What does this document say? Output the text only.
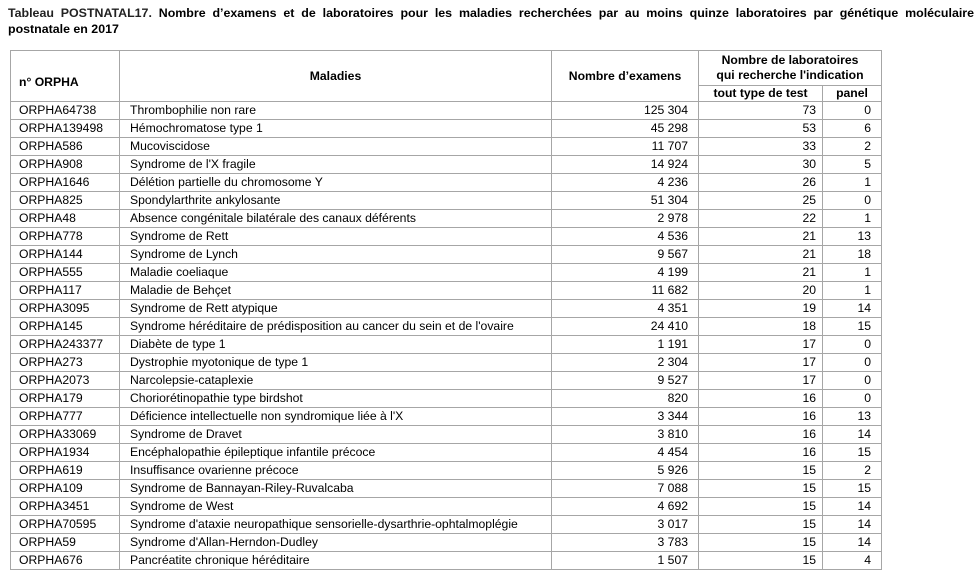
Tableau POSTNATAL17. Nombre d’examens et de laboratoires pour les maladies recherchées par au moins quinze laboratoires par génétique moléculaire postnatale en 2017
n° ORPHA	Maladies	Nombre d’examens	Nombre de laboratoires
qui recherche l'indication	

			tout type de test	panel
ORPHA64738	Thrombophilie non rare	125 304	73	0
ORPHA139498	Hémochromatose type 1	45 298	53	6
ORPHA586	Mucoviscidose	11 707	33	2
ORPHA908	Syndrome de l'X fragile	14 924	30	5
ORPHA1646	Délétion partielle du chromosome Y	4 236	26	1
ORPHA825	Spondylarthrite ankylosante	51 304	25	0
ORPHA48	Absence congénitale bilatérale des canaux déférents	2 978	22	1
ORPHA778	Syndrome de Rett	4 536	21	13
ORPHA144	Syndrome de Lynch	9 567	21	18
ORPHA555	Maladie coeliaque	4 199	21	1
ORPHA117	Maladie de Behçet	11 682	20	1
ORPHA3095	Syndrome de Rett atypique	4 351	19	14
ORPHA145	Syndrome héréditaire de prédisposition au cancer du sein et de l'ovaire	24 410	18	15
ORPHA243377	Diabète de type 1	1 191	17	0
ORPHA273	Dystrophie myotonique de type 1	2 304	17	0
ORPHA2073	Narcolepsie-cataplexie	9 527	17	0
ORPHA179	Choriorétinopathie type birdshot	820	16	0
ORPHA777	Déficience intellectuelle non syndromique liée à l'X	3 344	16	13
ORPHA33069	Syndrome de Dravet	3 810	16	14
ORPHA1934	Encéphalopathie épileptique infantile précoce	4 454	16	15
ORPHA619	Insuffisance ovarienne précoce	5 926	15	2
ORPHA109	Syndrome de Bannayan-Riley-Ruvalcaba	7 088	15	15
ORPHA3451	Syndrome de West	4 692	15	14
ORPHA70595	Syndrome d'ataxie neuropathique sensorielle-dysarthrie-ophtalmoplégie	3 017	15	14
ORPHA59	Syndrome d'Allan-Herndon-Dudley	3 783	15	14
ORPHA676	Pancréatite chronique héréditaire	1 507	15	4
